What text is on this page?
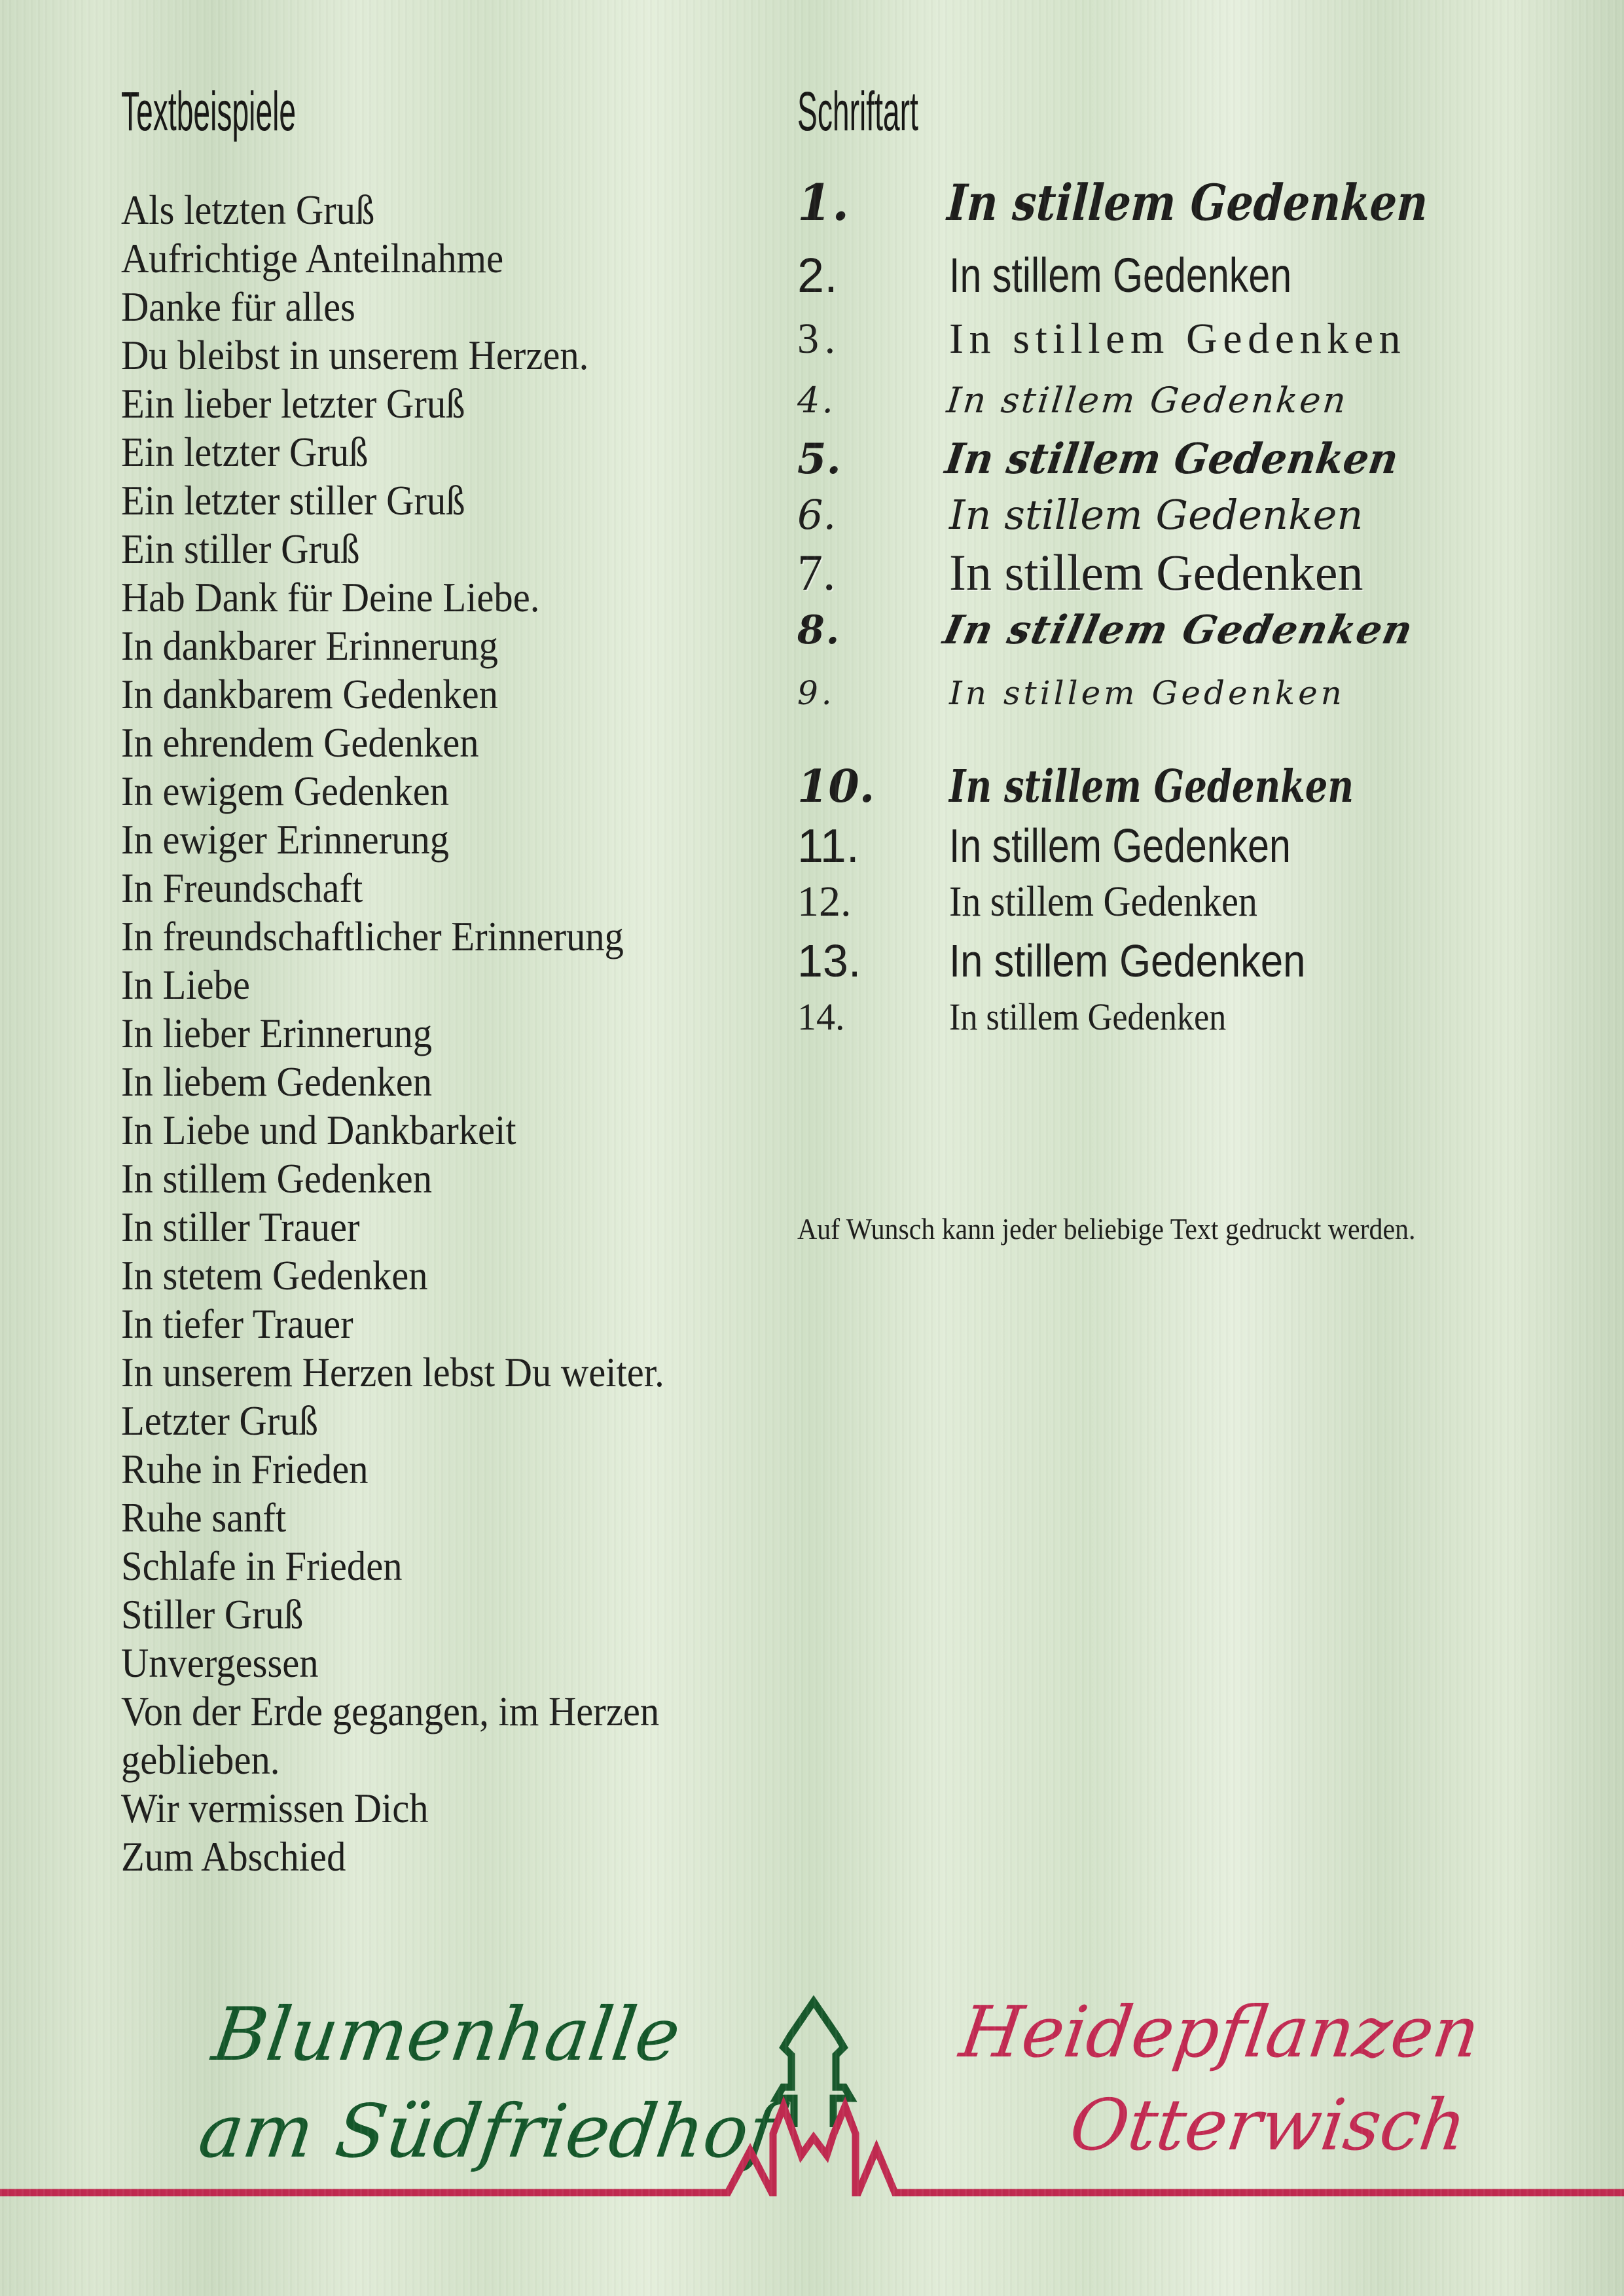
Textbeispiele	Schriftart
Als letzten Gruß
Aufrichtige Anteilnahme
Danke für alles
Du bleibst in unserem Herzen.
Ein lieber letzter Gruß
Ein letzter Gruß
Ein letzter stiller Gruß
Ein stiller Gruß
Hab Dank für Deine Liebe.
In dankbarer Erinnerung
In dankbarem Gedenken
In ehrendem Gedenken
In ewigem Gedenken
In ewiger Erinnerung
In Freundschaft
In freundschaftlicher Erinnerung
In Liebe
In lieber Erinnerung
In liebem Gedenken
In Liebe und Dankbarkeit
In stillem Gedenken
In stiller Trauer
In stetem Gedenken
In tiefer Trauer
In unserem Herzen lebst Du weiter.
Letzter Gruß
Ruhe in Frieden
Ruhe sanft
Schlafe in Frieden
Stiller Gruß
Unvergessen
Von der Erde gegangen, im Herzen geblieben.
Wir vermissen Dich
Zum Abschied
1. In stillem Gedenken
2. In stillem Gedenken
3.	In stillem Gedenken
4.	In stillem Gedenken
5. In stillem Gedenken
6.	In stillem Gedenken
7. In stillem Gedenken
8.	In stillem Gedenken
9.	In stillem Gedenken
10. In stillem Gedenken
11. In stillem Gedenken
12. In stillem Gedenken
13. In stillem Gedenken
14.	In stillem Gedenken
Auf Wunsch kann jeder beliebige Text gedruckt werden.
Blumenhalle
am Südfriedhof
Heidepflanzen
Otterwisch
